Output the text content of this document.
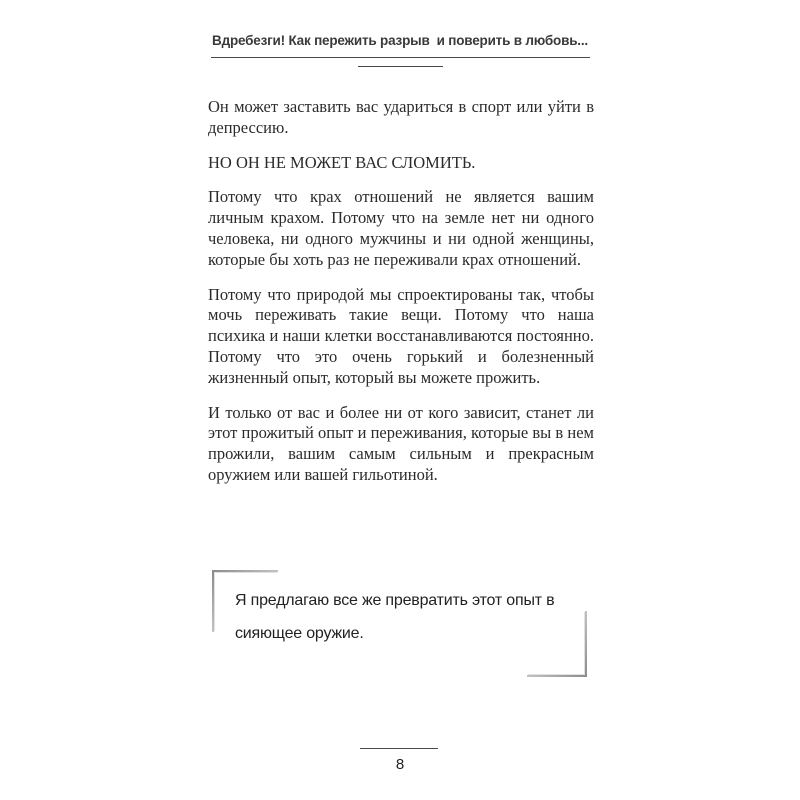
Вдребезги! Как пережить разрыв  и поверить в любовь...

Он может заставить вас удариться в спорт или уйти в депрессию.

НО ОН НЕ МОЖЕТ ВАС СЛОМИТЬ.

Потому что крах отношений не является вашим личным крахом. Потому что на земле нет ни одного человека, ни одного мужчины и ни одной женщины, которые бы хоть раз не переживали крах отношений.

Потому что природой мы спроектированы так, чтобы мочь переживать такие вещи. Потому что наша психика и наши клетки восстанавливаются постоянно. Потому что это очень горький и болезненный жизненный опыт, который вы можете прожить.

И только от вас и более ни от кого зависит, станет ли этот прожитый опыт и переживания, которые вы в нем прожили, вашим самым сильным и прекрасным оружием или вашей гильотиной.

Я предлагаю все же превратить этот опыт в сияющее оружие.
8
